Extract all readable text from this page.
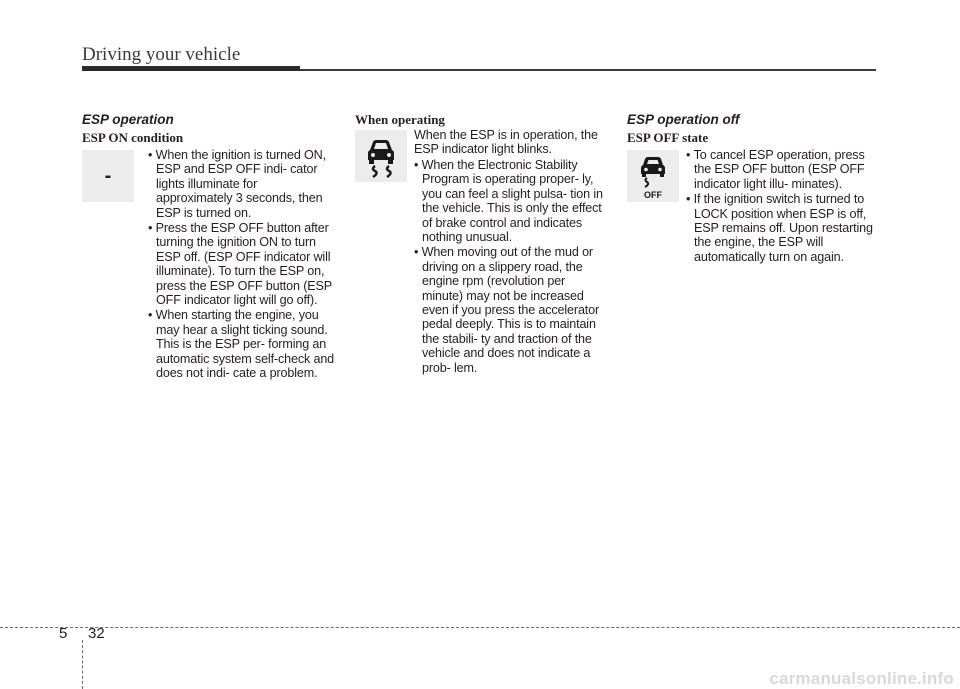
Driving your vehicle
ESP operation
ESP ON condition
-
• When the ignition is turned ON, ESP and ESP OFF indi- cator lights illuminate for approximately 3 seconds, then ESP is turned on.
• Press the ESP OFF button after turning the ignition ON to turn ESP off. (ESP OFF indicator will illuminate). To turn the ESP on, press the ESP OFF button (ESP OFF indicator light will go off).
• When starting the engine, you may hear a slight ticking sound. This is the ESP per- forming an automatic system self-check and does not indi- cate a problem.
When operating
When the ESP is in operation, the ESP indicator light blinks.
• When the Electronic Stability Program is operating proper- ly, you can feel a slight pulsa- tion in the vehicle. This is only the effect of brake control and indicates nothing unusual.
• When moving out of the mud or driving on a slippery road, the engine rpm (revolution per minute) may not be increased even if you press the accelerator pedal deeply. This is to maintain the stabili- ty and traction of the vehicle and does not indicate a prob- lem.
ESP operation off
ESP OFF state
OFF
• To cancel ESP operation, press the ESP OFF button (ESP OFF indicator light illu- minates).
• If the ignition switch is turned to LOCK position when ESP is off, ESP remains off. Upon restarting the engine, the ESP will automatically turn on again.
5 32
carmanualsonline.info
